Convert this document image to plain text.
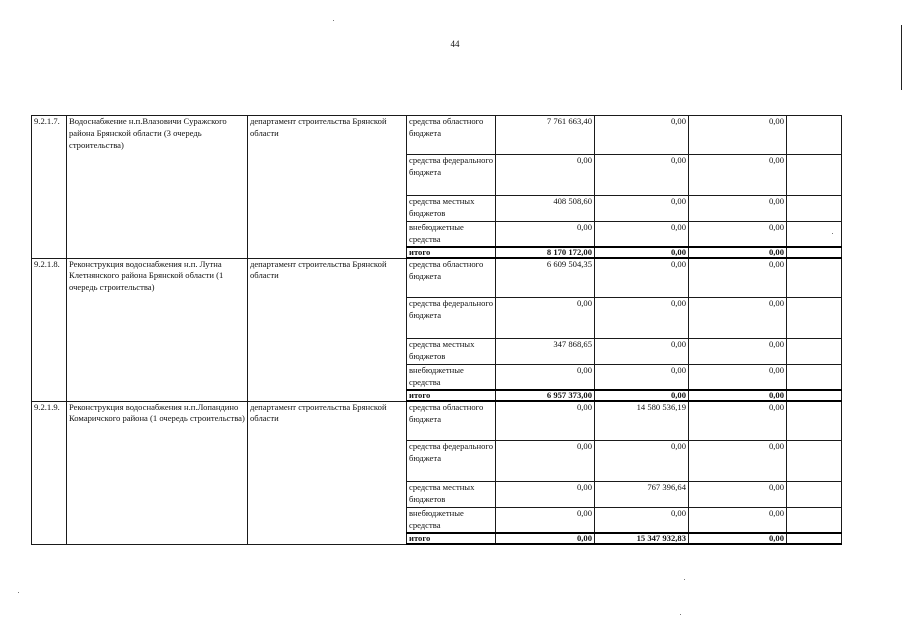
44
9.2.1.7.	Водоснабжение н.п.Влазовичи Суражского района Брянской области (3 очередь строительства)	департамент строительства Брянской области	средства областного бюджета	7 761 663,40	0,00	0,00	
			средства федерального бюджета	0,00	0,00	0,00	
			средства местных бюджетов	408 508,60	0,00	0,00	
			внебюджетные средства	0,00	0,00	0,00	
			итого	8 170 172,00	0,00	0,00	
9.2.1.8.	Реконструкция водоснабжения н.п. Лутна Клетнянского района Брянской области (1 очередь строительства)	департамент строительства Брянской области	средства областного бюджета	6 609 504,35	0,00	0,00	
			средства федерального бюджета	0,00	0,00	0,00	
			средства местных бюджетов	347 868,65	0,00	0,00	
			внебюджетные средства	0,00	0,00	0,00	
			итого	6 957 373,00	0,00	0,00	
9.2.1.9.	Реконструкция водоснабжения н.п.Лопандино Комаричского района (1 очередь строительства)	департамент строительства Брянской области	средства областного бюджета	0,00	14 580 536,19	0,00	
			средства федерального бюджета	0,00	0,00	0,00	
			средства местных бюджетов	0,00	767 396,64	0,00	
			внебюджетные средства	0,00	0,00	0,00	
			итого	0,00	15 347 932,83	0,00	
